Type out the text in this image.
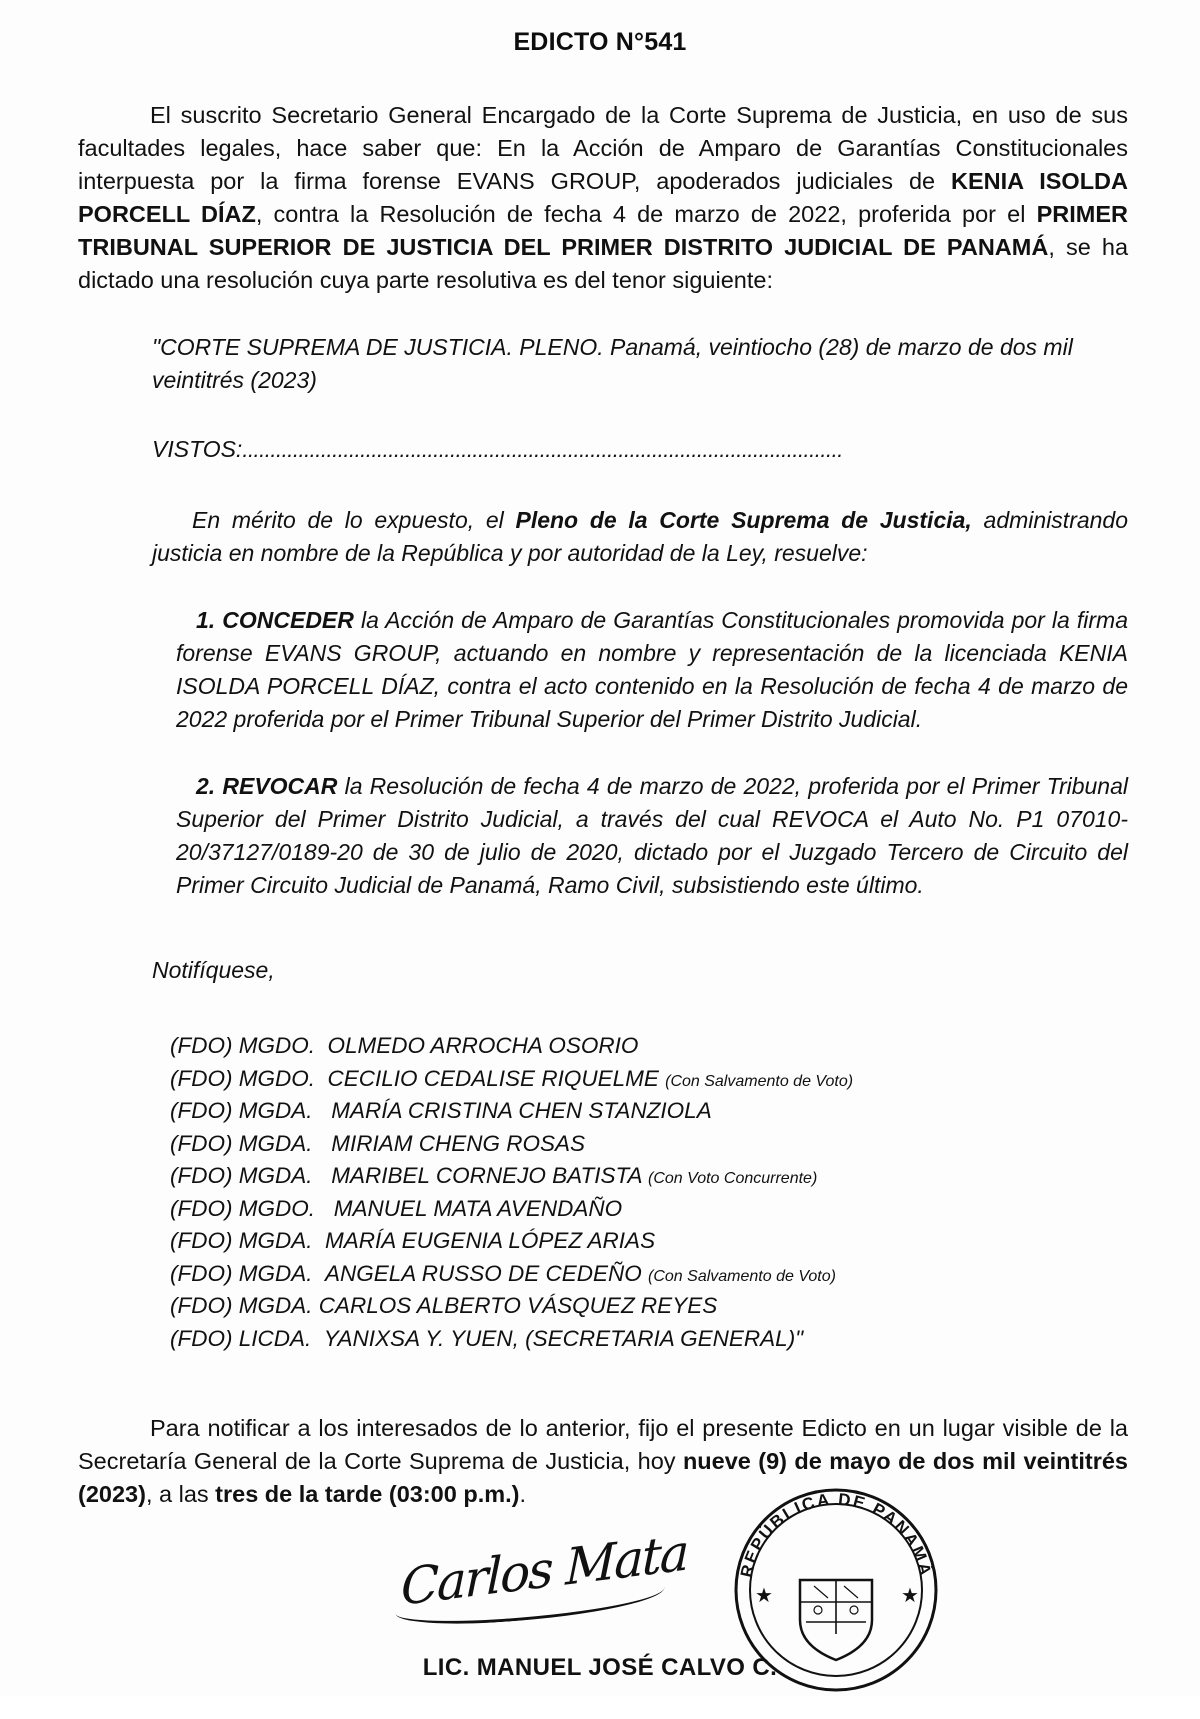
EDICTO N°541

El suscrito Secretario General Encargado de la Corte Suprema de Justicia, en uso de sus facultades legales, hace saber que: En la Acción de Amparo de Garantías Constitucionales interpuesta por la firma forense EVANS GROUP, apoderados judiciales de KENIA ISOLDA PORCELL DÍAZ, contra la Resolución de fecha 4 de marzo de 2022, proferida por el PRIMER TRIBUNAL SUPERIOR DE JUSTICIA DEL PRIMER DISTRITO JUDICIAL DE PANAMÁ, se ha dictado una resolución cuya parte resolutiva es del tenor siguiente:

"CORTE SUPREMA DE JUSTICIA. PLENO. Panamá, veintiocho (28) de marzo de dos mil veintitrés (2023)

VISTOS:...........................................................................................................

En mérito de lo expuesto, el Pleno de la Corte Suprema de Justicia, administrando justicia en nombre de la República y por autoridad de la Ley, resuelve:

1. CONCEDER la Acción de Amparo de Garantías Constitucionales promovida por la firma forense EVANS GROUP, actuando en nombre y representación de la licenciada KENIA ISOLDA PORCELL DÍAZ, contra el acto contenido en la Resolución de fecha 4 de marzo de 2022 proferida por el Primer Tribunal Superior del Primer Distrito Judicial.

2. REVOCAR la Resolución de fecha 4 de marzo de 2022, proferida por el Primer Tribunal Superior del Primer Distrito Judicial, a través del cual REVOCA el Auto No. P1 07010-20/37127/0189-20 de 30 de julio de 2020, dictado por el Juzgado Tercero de Circuito del Primer Circuito Judicial de Panamá, Ramo Civil, subsistiendo este último.

Notifíquese,

(FDO) MGDO. OLMEDO ARROCHA OSORIO
(FDO) MGDO. CECILIO CEDALISE RIQUELME (Con Salvamento de Voto)
(FDO) MGDA. MARÍA CRISTINA CHEN STANZIOLA
(FDO) MGDA. MIRIAM CHENG ROSAS
(FDO) MGDA. MARIBEL CORNEJO BATISTA (Con Voto Concurrente)
(FDO) MGDO. MANUEL MATA AVENDAÑO
(FDO) MGDA. MARÍA EUGENIA LÓPEZ ARIAS
(FDO) MGDA. ANGELA RUSSO DE CEDEÑO (Con Salvamento de Voto)
(FDO) MGDA. CARLOS ALBERTO VÁSQUEZ REYES
(FDO) LICDA. YANIXSA Y. YUEN, (SECRETARIA GENERAL)"

Para notificar a los interesados de lo anterior, fijo el presente Edicto en un lugar visible de la Secretaría General de la Corte Suprema de Justicia, hoy nueve (9) de mayo de dos mil veintitrés (2023), a las tres de la tarde (03:00 p.m.).

Carlos Mata
LIC. MANUEL JOSÉ CALVO C.
REPÚBLICA DE PANAMÁ
★	★
